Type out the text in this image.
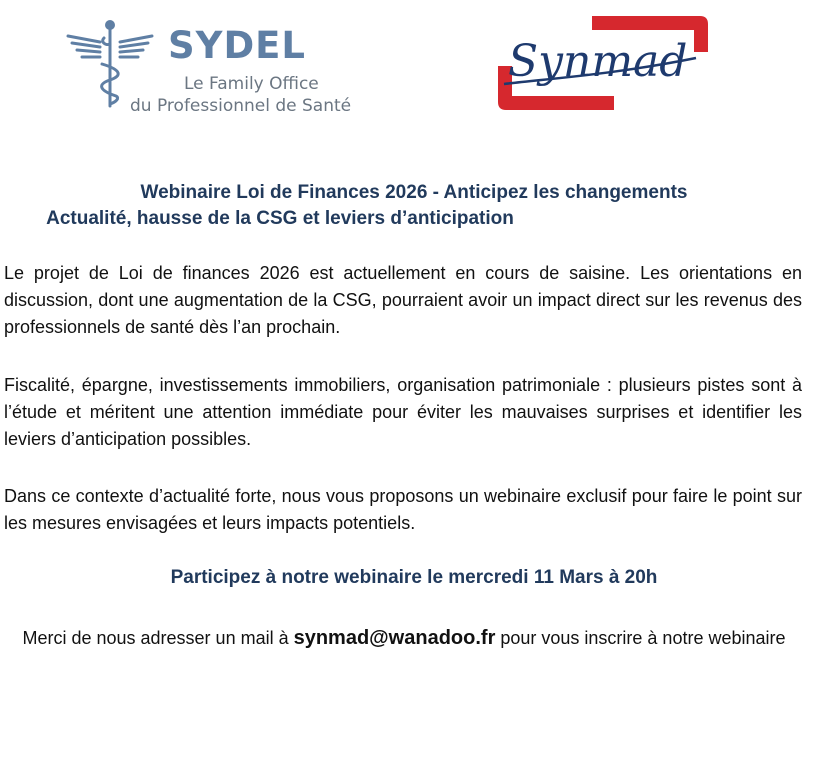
SYDEL
Le Family Office
du Professionnel de Santé
Synmad
Webinaire Loi de Finances 2026 - Anticipez les changements
Actualité, hausse de la CSG et leviers d’anticipation

Le projet de Loi de finances 2026 est actuellement en cours de saisine. Les orientations en discussion, dont une augmentation de la CSG, pourraient avoir un impact direct sur les revenus des professionnels de santé dès l’an prochain.

Fiscalité, épargne, investissements immobiliers, organisation patrimoniale : plusieurs pistes sont à l’étude et méritent une attention immédiate pour éviter les mauvaises surprises et identifier les leviers d’anticipation possibles.

Dans ce contexte d’actualité forte, nous vous proposons un webinaire exclusif pour faire le point sur les mesures envisagées et leurs impacts potentiels.

Participez à notre webinaire le mercredi 11 Mars à 20h

Merci de nous adresser un mail à synmad@wanadoo.fr pour vous inscrire à notre webinaire
